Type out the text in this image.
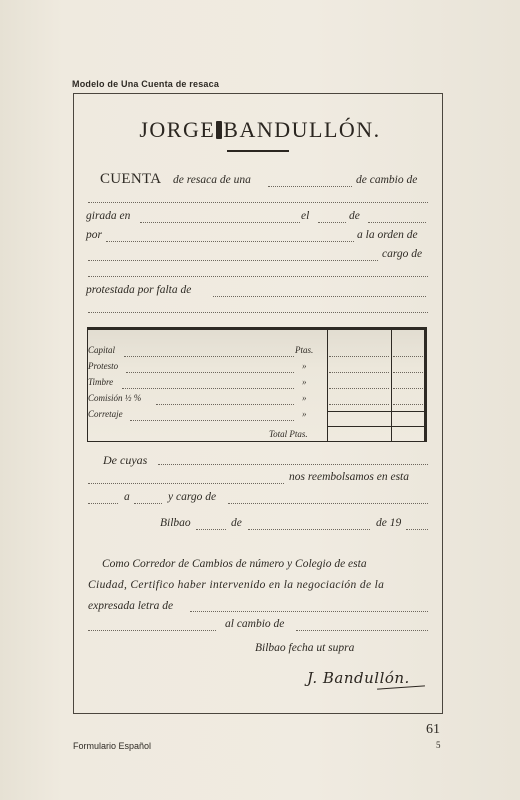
Modelo de Una Cuenta de resaca
JORGE BANDULLÓN.
CUENTA de resaca de una	de cambio de
girada en	el	de
por	a la orden de
cargo de
protestada por falta de
Capital	Ptas.
Protesto	»
Timbre	»
Comisión ½ %	»
Corretaje	»
Total Ptas.
De cuyas
nos reembolsamos en esta
a	y cargo de
Bilbao	de	de 19
Como Corredor de Cambios de número y Colegio de esta
Ciudad, Certifico haber intervenido en la negociación de la
expresada letra de
al cambio de
Bilbao fecha ut supra
J. Bandullón.
Formulario Español
61
5
